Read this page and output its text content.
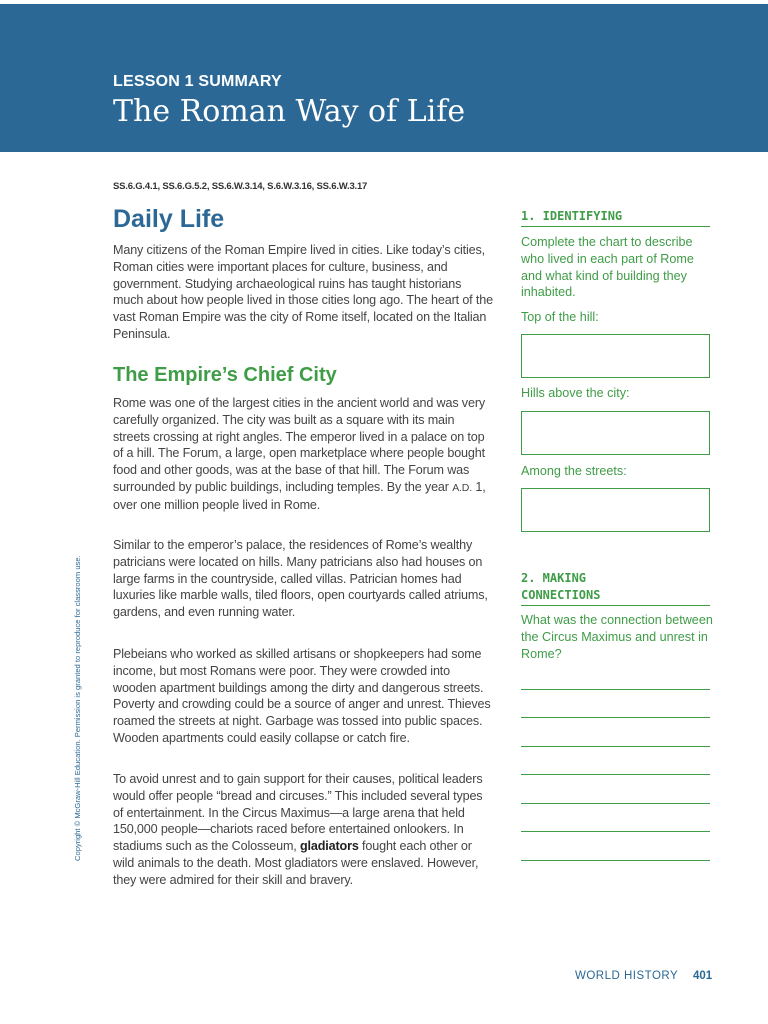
LESSON 1 SUMMARY
The Roman Way of Life
SS.6.G.4.1, SS.6.G.5.2, SS.6.W.3.14, S.6.W.3.16, SS.6.W.3.17
Daily Life

Many citizens of the Roman Empire lived in cities. Like today’s cities, Roman cities were important places for culture, business, and government. Studying archaeological ruins has taught historians much about how people lived in those cities long ago. The heart of the vast Roman Empire was the city of Rome itself, located on the Italian Peninsula.

The Empire’s Chief City

Rome was one of the largest cities in the ancient world and was very carefully organized. The city was built as a square with its main streets crossing at right angles. The emperor lived in a palace on top of a hill. The Forum, a large, open marketplace where people bought food and other goods, was at the base of that hill. The Forum was surrounded by public buildings, including temples. By the year A.D. 1, over one million people lived in Rome.

Similar to the emperor’s palace, the residences of Rome’s wealthy patricians were located on hills. Many patricians also had houses on large farms in the countryside, called villas. Patrician homes had luxuries like marble walls, tiled floors, open courtyards called atriums, gardens, and even running water.

Plebeians who worked as skilled artisans or shopkeepers had some income, but most Romans were poor. They were crowded into wooden apartment buildings among the dirty and dangerous streets. Poverty and crowding could be a source of anger and unrest. Thieves roamed the streets at night. Garbage was tossed into public spaces. Wooden apartments could easily collapse or catch fire.

To avoid unrest and to gain support for their causes, political leaders would offer people “bread and circuses.” This included several types of entertainment. In the Circus Maximus—a large arena that held 150,000 people—chariots raced before entertained onlookers. In stadiums such as the Colosseum, gladiators fought each other or wild animals to the death. Most gladiators were enslaved. However, they were admired for their skill and bravery.

1. IDENTIFYING

Complete the chart to describe who lived in each part of Rome and what kind of building they inhabited.

Top of the hill:

Hills above the city:

Among the streets:

2. MAKING
CONNECTIONS

What was the connection between the Circus Maximus and unrest in Rome?

Copyright © McGraw-Hill Education. Permission is granted to reproduce for classroom use.
WORLD HISTORY 401
